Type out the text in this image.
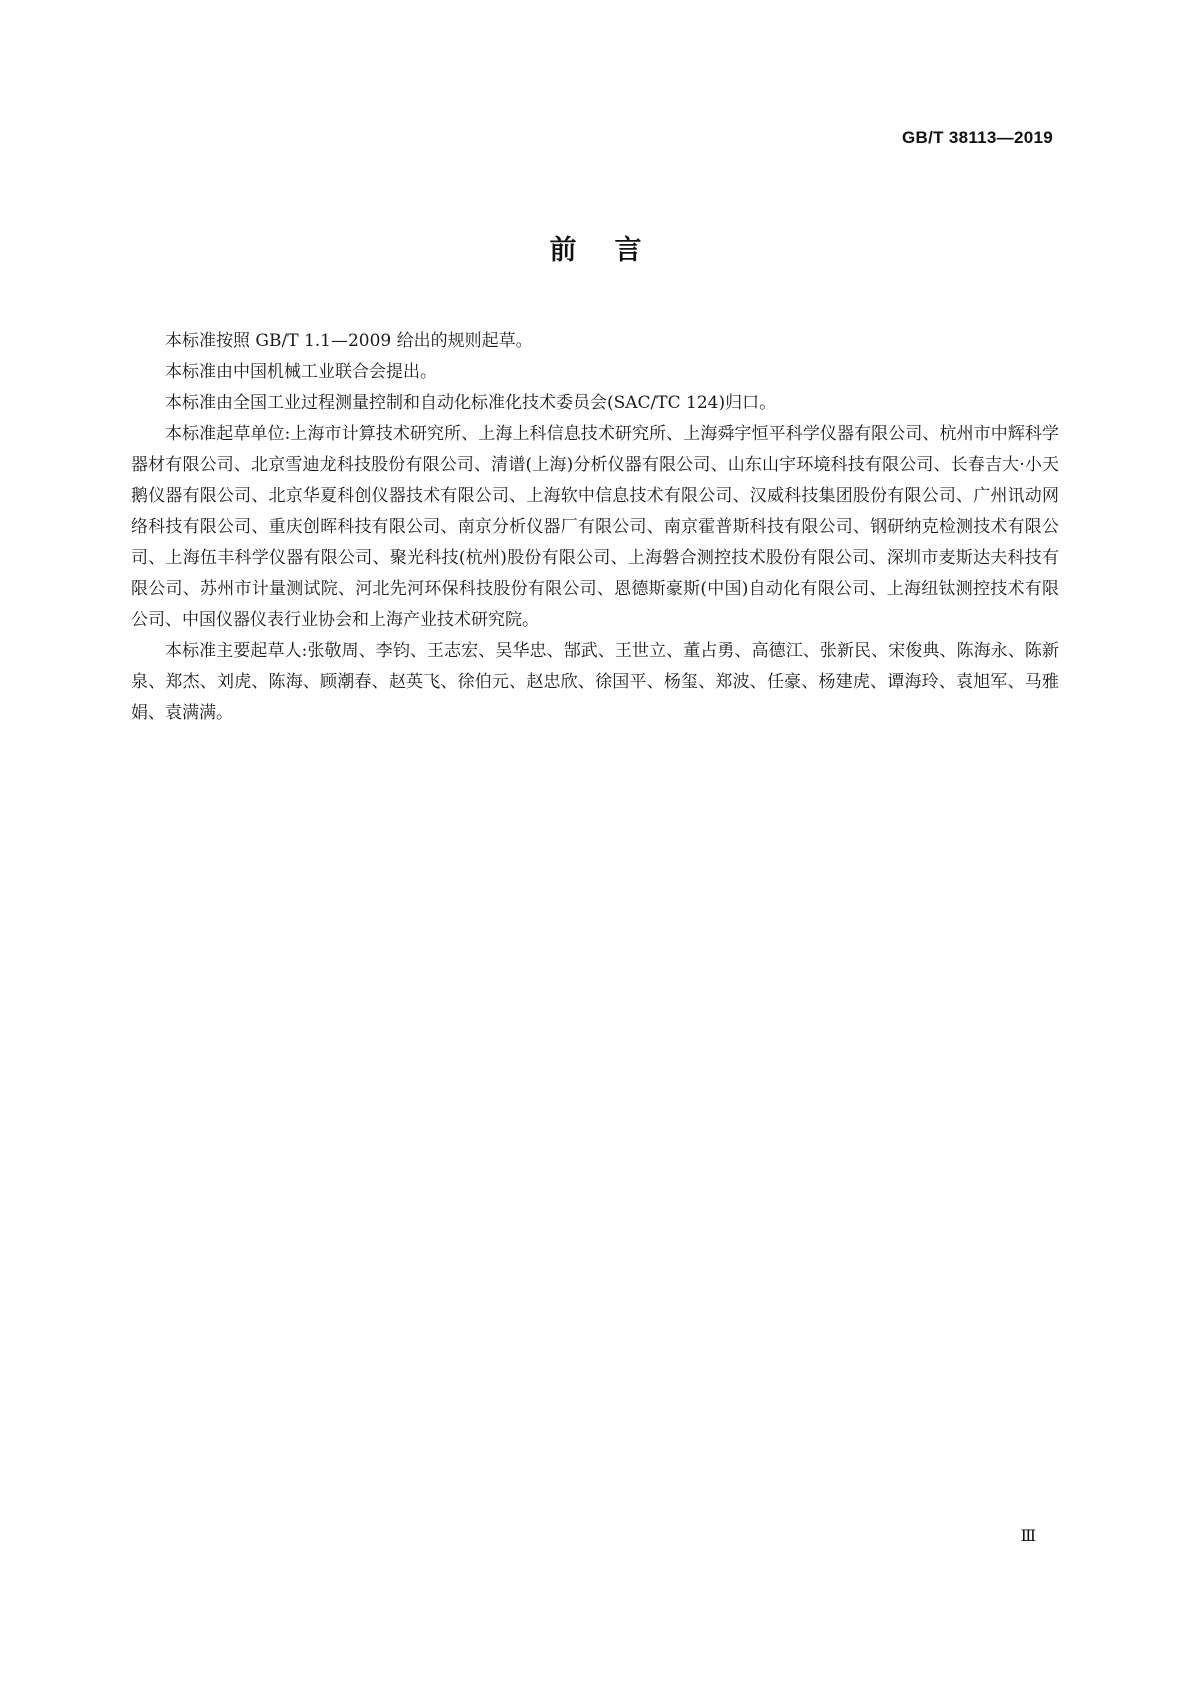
GB/T 38113—2019
前言

本标准按照 GB/T 1.1—2009 给出的规则起草。

本标准由中国机械工业联合会提出。

本标准由全国工业过程测量控制和自动化标准化技术委员会(SAC/TC 124)归口。

本标准起草单位:上海市计算技术研究所、上海上科信息技术研究所、上海舜宇恒平科学仪器有限公司、杭州市中辉科学器材有限公司、北京雪迪龙科技股份有限公司、清谱(上海)分析仪器有限公司、山东山宇环境科技有限公司、长春吉大·小天鹅仪器有限公司、北京华夏科创仪器技术有限公司、上海软中信息技术有限公司、汉威科技集团股份有限公司、广州讯动网络科技有限公司、重庆创晖科技有限公司、南京分析仪器厂有限公司、南京霍普斯科技有限公司、钢研纳克检测技术有限公司、上海伍丰科学仪器有限公司、聚光科技(杭州)股份有限公司、上海磐合测控技术股份有限公司、深圳市麦斯达夫科技有限公司、苏州市计量测试院、河北先河环保科技股份有限公司、恩德斯豪斯(中国)自动化有限公司、上海纽钛测控技术有限公司、中国仪器仪表行业协会和上海产业技术研究院。

本标准主要起草人:张敬周、李钧、王志宏、吴华忠、郜武、王世立、董占勇、高德江、张新民、宋俊典、陈海永、陈新泉、郑杰、刘虎、陈海、顾潮春、赵英飞、徐伯元、赵忠欣、徐国平、杨玺、郑波、任豪、杨建虎、谭海玲、袁旭军、马雅娟、袁满满。

Ⅲ
